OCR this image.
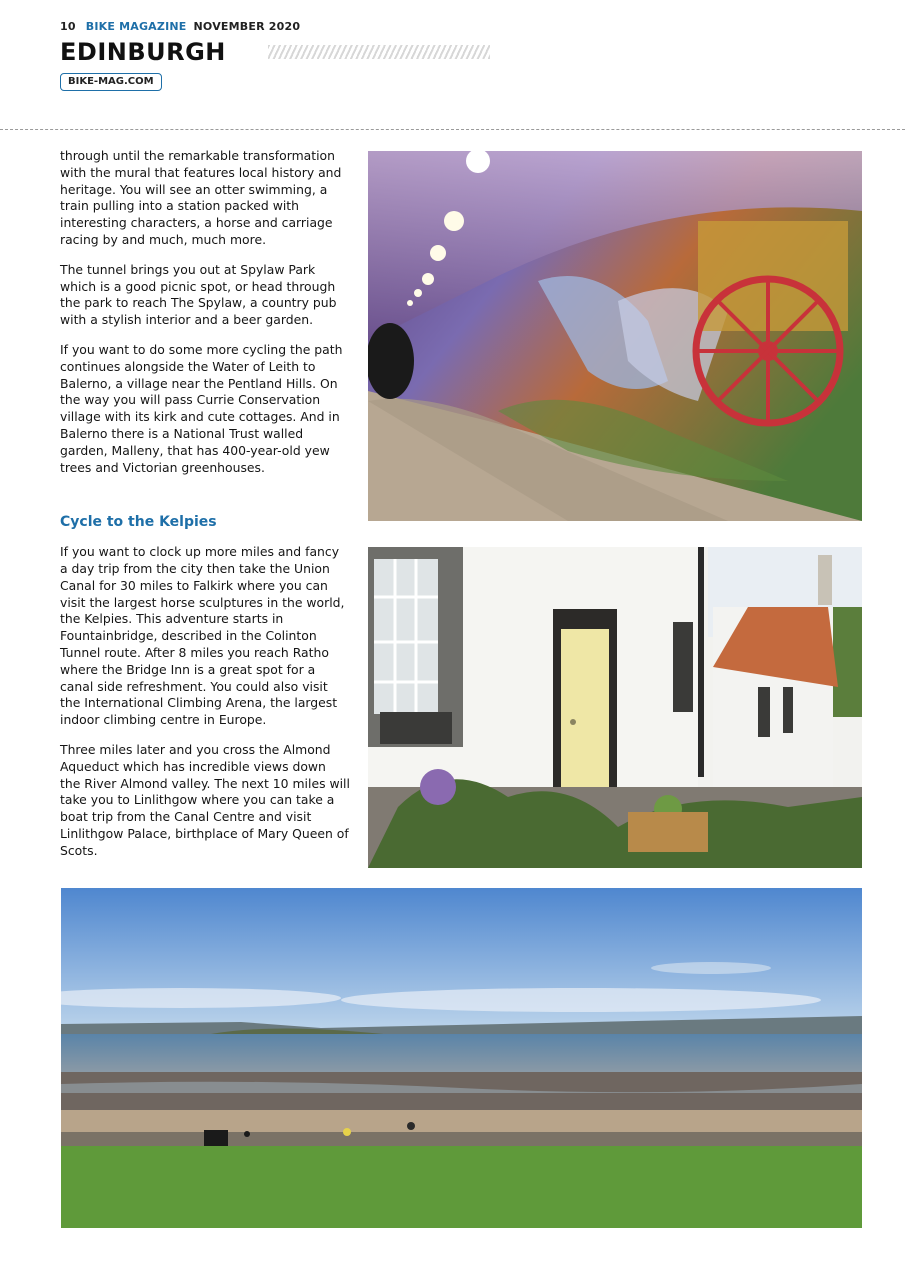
10 BIKE MAGAZINE NOVEMBER 2020
EDINBURGH
BIKE-MAG.COM

through until the remarkable transformation with the mural that features local history and heritage. You will see an otter swimming, a train pulling into a station packed with interesting characters, a horse and carriage racing by and much, much more.

The tunnel brings you out at Spylaw Park which is a good picnic spot, or head through the park to reach The Spylaw, a country pub with a stylish interior and a beer garden.

If you want to do some more cycling the path continues alongside the Water of Leith to Balerno, a village near the Pentland Hills. On the way you will pass Currie Conservation village with its kirk and cute cottages. And in Balerno there is a National Trust walled garden, Malleny, that has 400-year-old yew trees and Victorian greenhouses.

Cycle to the Kelpies

If you want to clock up more miles and fancy a day trip from the city then take the Union Canal for 30 miles to Falkirk where you can visit the largest horse sculptures in the world, the Kelpies. This adventure starts in Fountainbridge, described in the Colinton Tunnel route. After 8 miles you reach Ratho where the Bridge Inn is a great spot for a canal side refreshment. You could also visit the International Climbing Arena, the largest indoor climbing centre in Europe.

Three miles later and you cross the Almond Aqueduct which has incredible views down the River Almond valley. The next 10 miles will take you to Linlithgow where you can take a boat trip from the Canal Centre and visit Linlithgow Palace, birthplace of Mary Queen of Scots.
